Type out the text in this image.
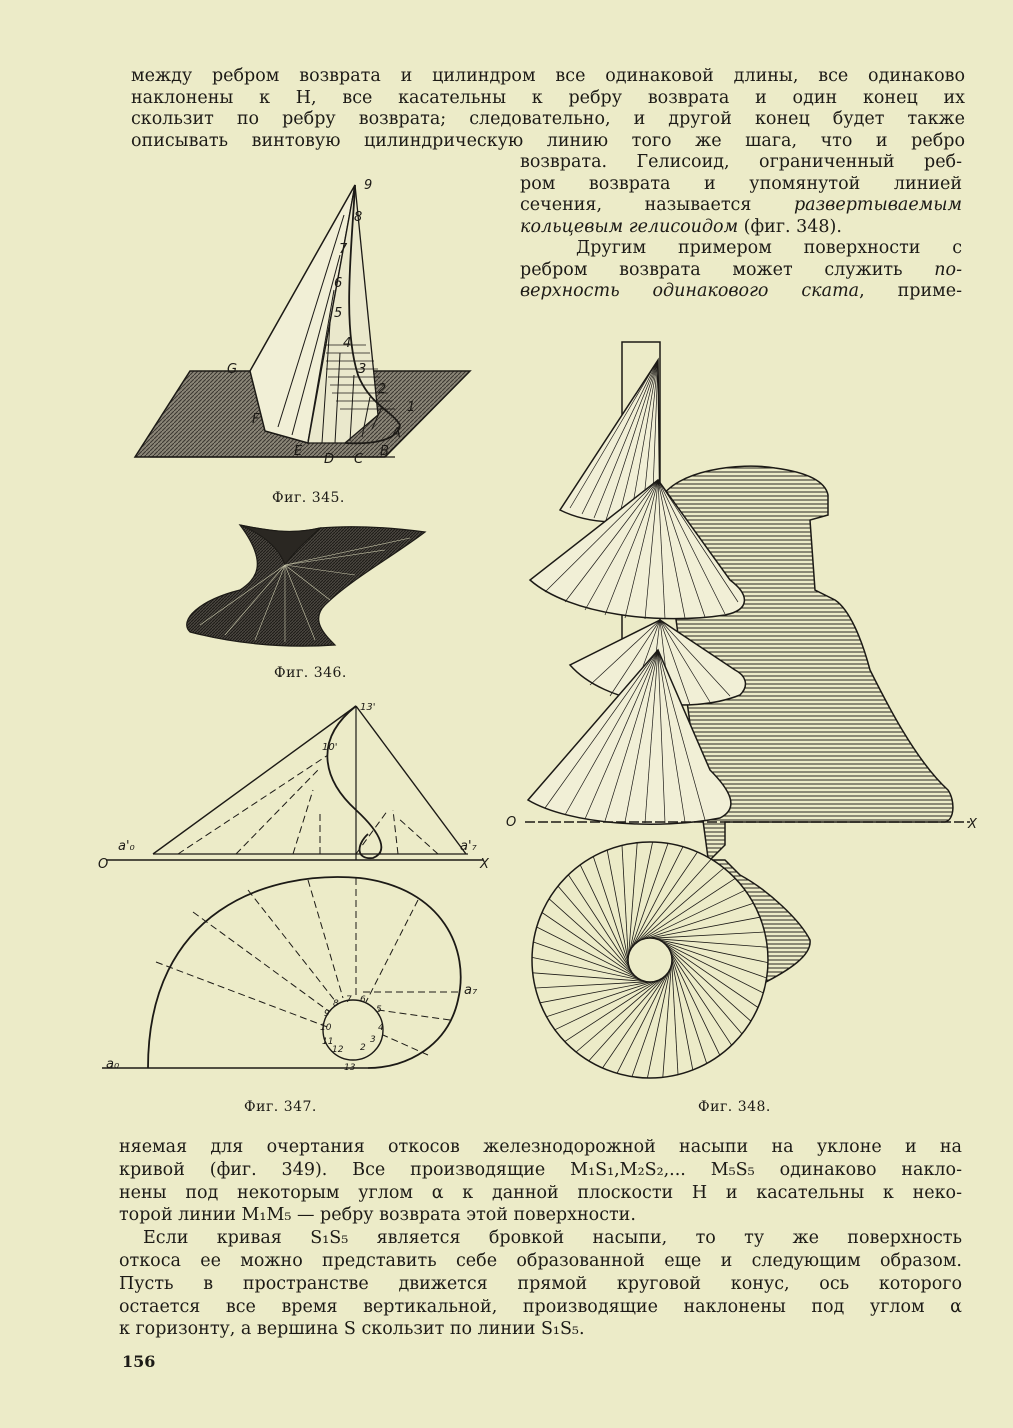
между ребром возврата и цилиндром все одинаковой длины, все одинаково
наклонены к H, все касательны к ребру возврата и один конец их
скользит по ребру возврата; следовательно, и другой конец будет также
описывать винтовую цилиндрическую линию того же шага, что и ребро

возврата. Гелисоид, ограниченный реб-
ром возврата и упомянутой линией
сечения, называется развертываемым
кольцевым гелисоидом (фиг. 348).
Другим примером поверхности с
ребром возврата может служить по-
верхность одинакового ската, приме-

9
8
7
6
5
4
3
2
1
G
F
E
D C
B
A
Фиг. 345.
Фиг. 346.
13'
10'
a'₀	a'₇
O	X
a₇
a₀
8 7 6
5
4
3
2
9
10
11
12
13
Фиг. 347.
O	X
Фиг. 348.

няемая для очертания откосов железнодорожной насыпи на уклоне и на
кривой (фиг. 349). Все производящие M₁S₁,M₂S₂,... M₅S₅ одинаково накло-
нены под некоторым углом α к данной плоскости H и касательны к неко-
торой линии M₁M₅ — ребру возврата этой поверхности.
Если кривая S₁S₅ является бровкой насыпи, то ту же поверхность
откоса ее можно представить себе образованной еще и следующим образом.
Пусть в пространстве движется прямой круговой конус, ось которого
остается все время вертикальной, производящие наклонены под углом α
к горизонту, а вершина S скользит по линии S₁S₅.

156
